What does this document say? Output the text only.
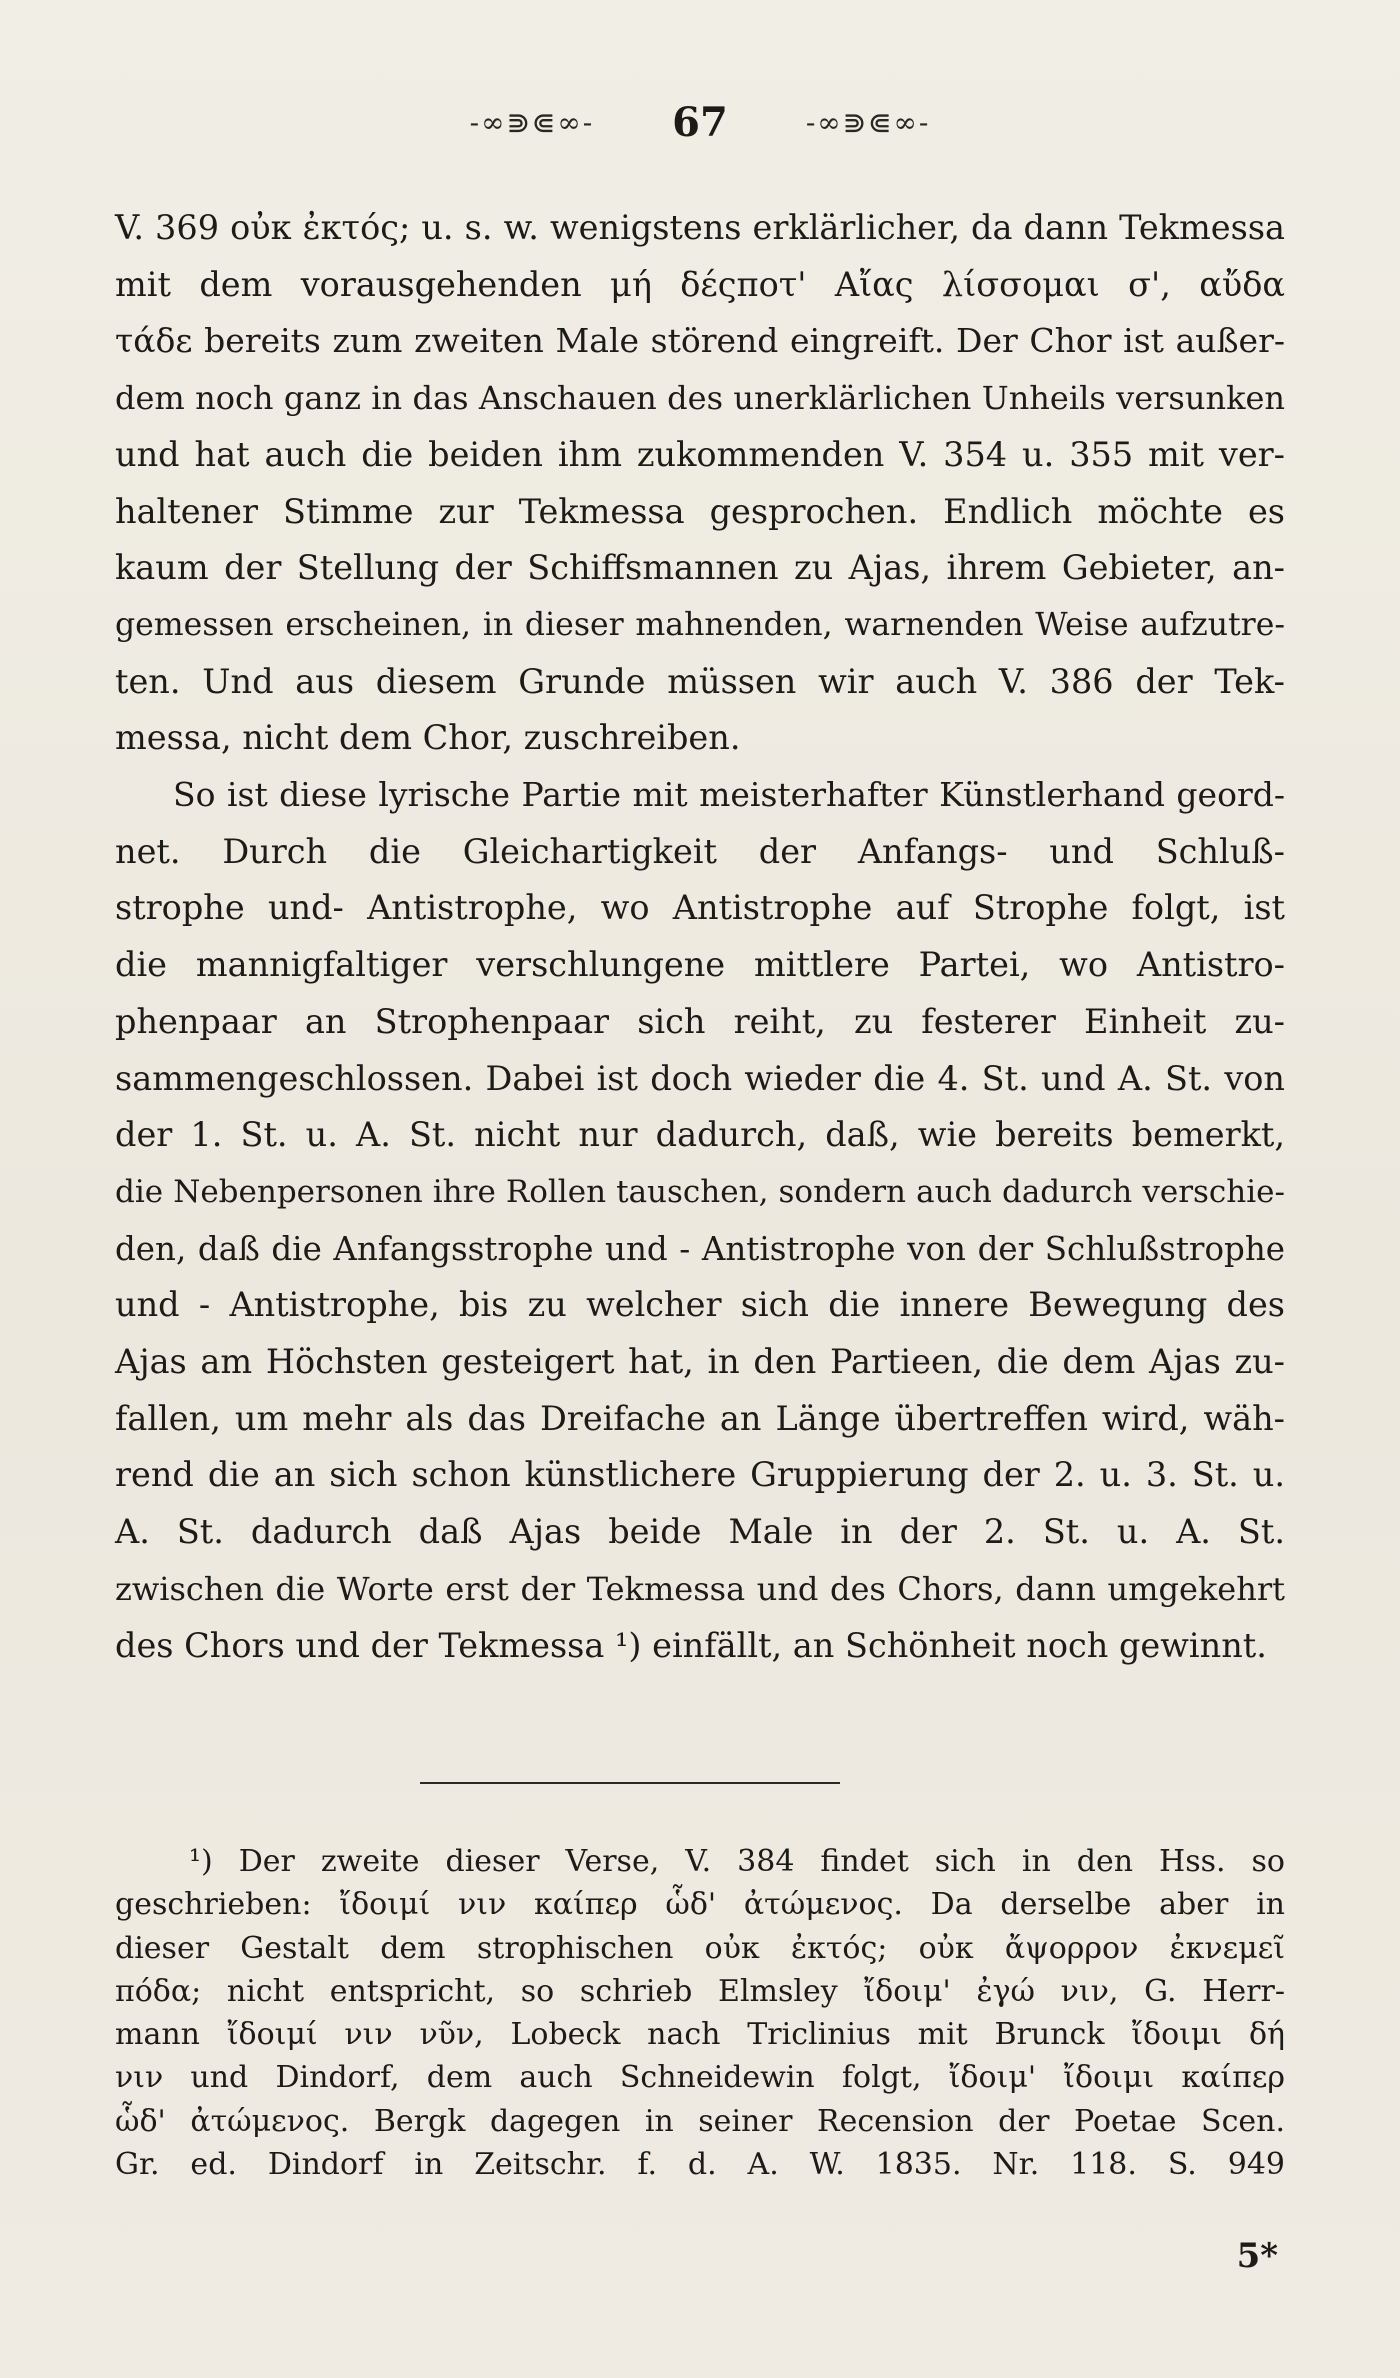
-∞⋑⋐∞- 67	-∞⋑⋐∞-
V. 369 οὐκ ἐκτός; u. s. w. wenigstens erklärlicher, da dann Tekmessa
mit dem vorausgehenden μή δέςποτ' Αἴας λίσσομαι σ', αὔδα
τάδε bereits zum zweiten Male störend eingreift. Der Chor ist außer-
dem noch ganz in das Anschauen des unerklärlichen Unheils versunken
und hat auch die beiden ihm zukommenden V. 354 u. 355 mit ver-
haltener Stimme zur Tekmessa gesprochen. Endlich möchte es
kaum der Stellung der Schiffsmannen zu Ajas, ihrem Gebieter, an-
gemessen erscheinen, in dieser mahnenden, warnenden Weise aufzutre-
ten. Und aus diesem Grunde müssen wir auch V. 386 der Tek-
messa, nicht dem Chor, zuschreiben.
So ist diese lyrische Partie mit meisterhafter Künstlerhand geord-
net. Durch die Gleichartigkeit der Anfangs- und Schluß-
strophe und- Antistrophe, wo Antistrophe auf Strophe folgt, ist
die mannigfaltiger verschlungene mittlere Partei, wo Antistro-
phenpaar an Strophenpaar sich reiht, zu festerer Einheit zu-
sammengeschlossen. Dabei ist doch wieder die 4. St. und A. St. von
der 1. St. u. A. St. nicht nur dadurch, daß, wie bereits bemerkt,
die Nebenpersonen ihre Rollen tauschen, sondern auch dadurch verschie-
den, daß die Anfangsstrophe und - Antistrophe von der Schlußstrophe
und - Antistrophe, bis zu welcher sich die innere Bewegung des
Ajas am Höchsten gesteigert hat, in den Partieen, die dem Ajas zu-
fallen, um mehr als das Dreifache an Länge übertreffen wird, wäh-
rend die an sich schon künstlichere Gruppierung der 2. u. 3. St. u.
A. St. dadurch daß Ajas beide Male in der 2. St. u. A. St.
zwischen die Worte erst der Tekmessa und des Chors, dann umgekehrt
des Chors und der Tekmessa ¹) einfällt, an Schönheit noch gewinnt.
¹) Der zweite dieser Verse, V. 384 findet sich in den Hss. so
geschrieben: ἴδοιμί νιν καίπερ ὧδ' ἀτώμενος. Da derselbe aber in
dieser Gestalt dem strophischen οὐκ ἐκτός; οὐκ ἄψορρον ἐκνεμεῖ
πόδα; nicht entspricht, so schrieb Elmsley ἴδοιμ' ἐγώ νιν, G. Herr-
mann ἴδοιμί νιν νῦν, Lobeck nach Triclinius mit Brunck ἴδοιμι δή
νιν und Dindorf, dem auch Schneidewin folgt, ἴδοιμ' ἴδοιμι καίπερ
ὧδ' ἀτώμενος. Bergk dagegen in seiner Recension der Poetae Scen.
Gr. ed. Dindorf in Zeitschr. f. d. A. W. 1835. Nr. 118. S. 949
5*
